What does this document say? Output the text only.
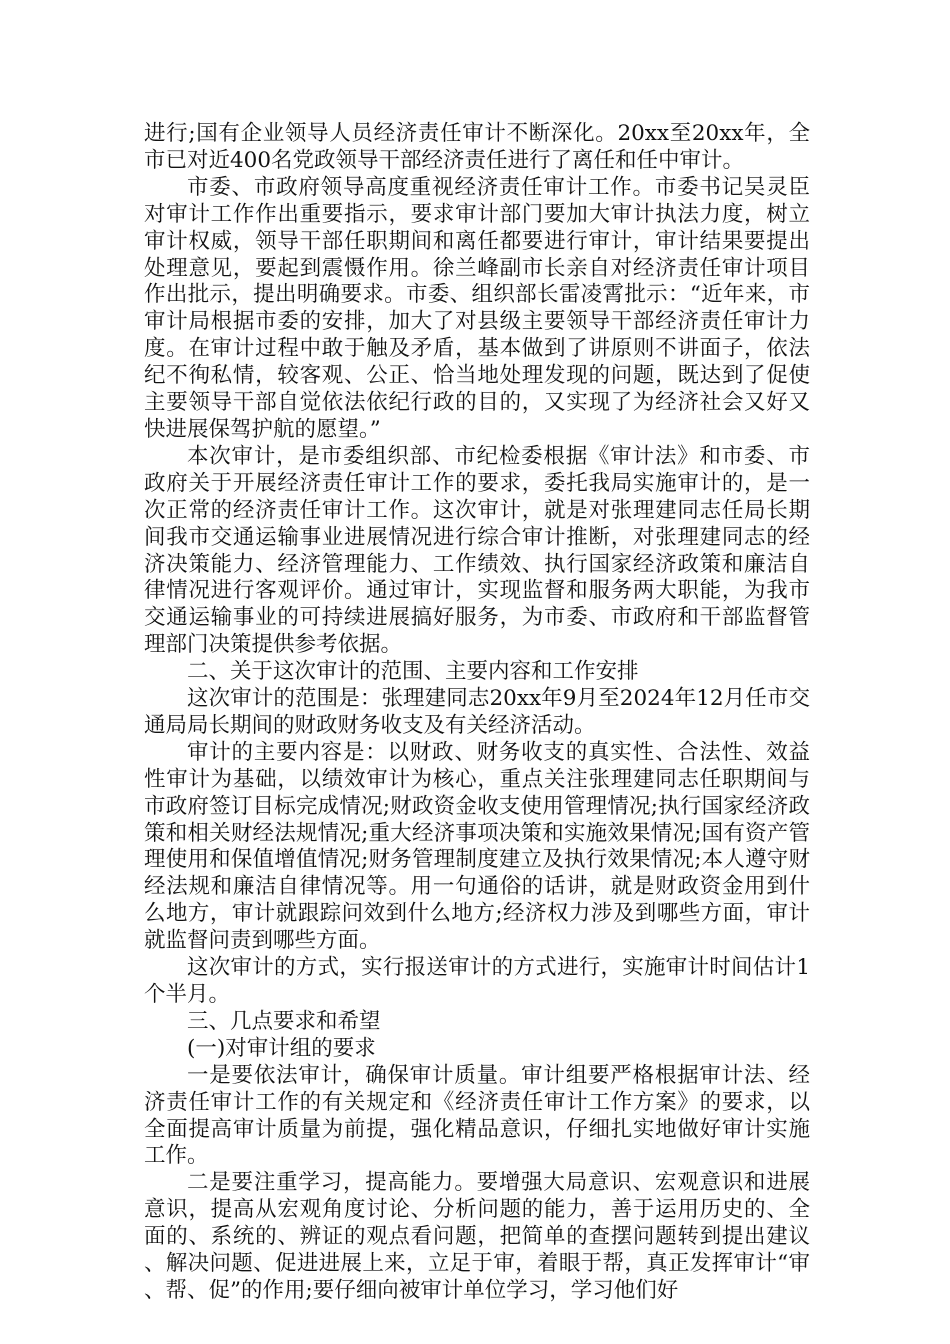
进行;国有企业领导人员经济责任审计不断深化。20xx至20xx年，全市已对近400名党政领导干部经济责任进行了离任和任中审计。

市委、市政府领导高度重视经济责任审计工作。市委书记吴灵臣对审计工作作出重要指示，要求审计部门要加大审计执法力度，树立审计权威，领导干部任职期间和离任都要进行审计，审计结果要提出处理意见，要起到震慑作用。徐兰峰副市长亲自对经济责任审计项目作出批示，提出明确要求。市委、组织部长雷凌霄批示：“近年来，市审计局根据市委的安排，加大了对县级主要领导干部经济责任审计力度。在审计过程中敢于触及矛盾，基本做到了讲原则不讲面子，依法纪不徇私情，较客观、公正、恰当地处理发现的问题，既达到了促使主要领导干部自觉依法依纪行政的目的，又实现了为经济社会又好又快进展保驾护航的愿望。”

本次审计，是市委组织部、市纪检委根据《审计法》和市委、市政府关于开展经济责任审计工作的要求，委托我局实施审计的，是一次正常的经济责任审计工作。这次审计，就是对张理建同志任局长期间我市交通运输事业进展情况进行综合审计推断，对张理建同志的经济决策能力、经济管理能力、工作绩效、执行国家经济政策和廉洁自律情况进行客观评价。通过审计，实现监督和服务两大职能，为我市交通运输事业的可持续进展搞好服务，为市委、市政府和干部监督管理部门决策提供参考依据。

二、关于这次审计的范围、主要内容和工作安排

这次审计的范围是：张理建同志20xx年9月至2024年12月任市交通局局长期间的财政财务收支及有关经济活动。

审计的主要内容是：以财政、财务收支的真实性、合法性、效益性审计为基础，以绩效审计为核心，重点关注张理建同志任职期间与市政府签订目标完成情况;财政资金收支使用管理情况;执行国家经济政策和相关财经法规情况;重大经济事项决策和实施效果情况;国有资产管理使用和保值增值情况;财务管理制度建立及执行效果情况;本人遵守财经法规和廉洁自律情况等。用一句通俗的话讲，就是财政资金用到什么地方，审计就跟踪问效到什么地方;经济权力涉及到哪些方面，审计就监督问责到哪些方面。

这次审计的方式，实行报送审计的方式进行，实施审计时间估计1个半月。

三、几点要求和希望

(一)对审计组的要求

一是要依法审计，确保审计质量。审计组要严格根据审计法、经济责任审计工作的有关规定和《经济责任审计工作方案》的要求，以全面提高审计质量为前提，强化精品意识，仔细扎实地做好审计实施工作。

二是要注重学习，提高能力。要增强大局意识、宏观意识和进展意识，提高从宏观角度讨论、分析问题的能力，善于运用历史的、全面的、系统的、辨证的观点看问题，把简单的查摆问题转到提出建议、解决问题、促进进展上来，立足于审，着眼于帮，真正发挥审计“审、帮、促”的作用;要仔细向被审计单位学习，学习他们好
